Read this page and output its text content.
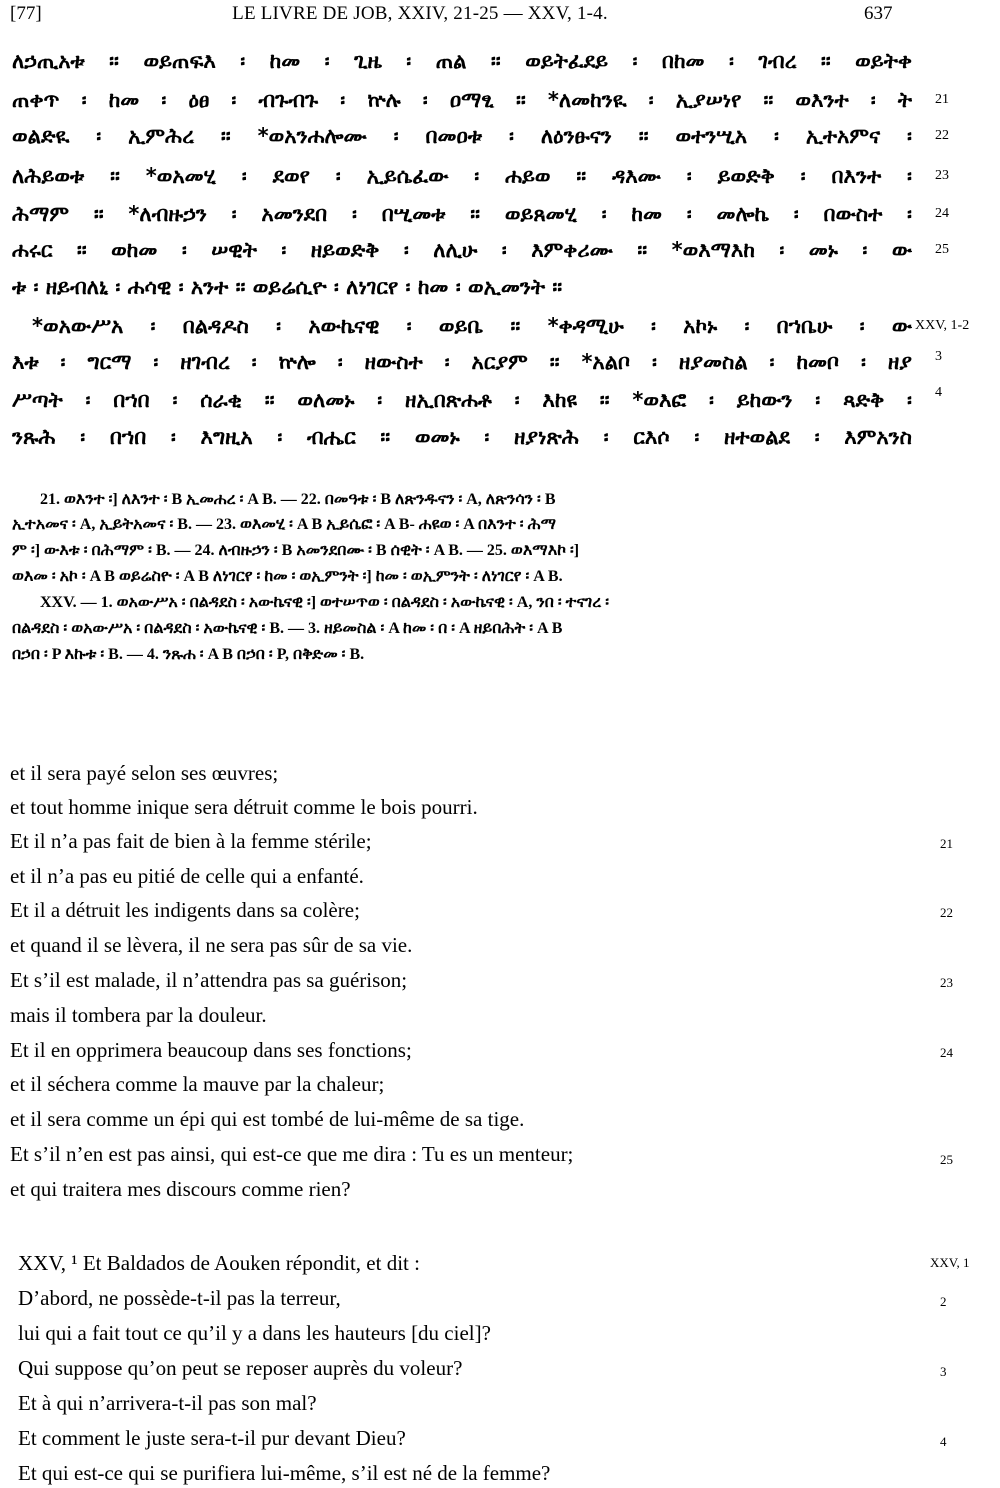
[77]	LE LIVRE DE JOB, XXIV, 21-25 — XXV, 1-4.	637
ለኃጢአቱ ። ወይጠፍእ ፡ ከመ ፡ ጊዜ ፡ ጠል ። ወይትፈደይ ፡ በከመ ፡ ገብረ ። ወይትቀ
ጠቀጥ ፡ ከመ ፡ ዕፀ ፡ ብጉብጉ ፡ ኵሉ ፡ ዐማፂ ። *ለመከንዪ ፡ ኢያሠነየ ። ወእንተ ፡ ት 21
ወልድዪ ፡ ኢምሕረ ። *ወአንሐሎሙ ፡ በመዐቱ ፡ ለዕንፁናን ። ወተንሢአ ፡ ኢተአምና ፡ 22
ለሕይወቱ ። *ወአመሂ ፡ ደወየ ፡ ኢይሴፈው ፡ ሐይወ ። ዳእሙ ፡ ይወድቅ ፡ በእንተ ፡ 23
ሕማም ። *ለብዙኃን ፡ አመንደበ ፡ በሢመቱ ። ወይጸመሂ ፡ ከመ ፡ መሎኬ ፡ በውስተ ፡ 24
ሐሩር ። ወከመ ፡ ሠዊት ፡ ዘይወድቅ ፡ ለሊሁ ፡ እምቀሪሙ ። *ወእማእከ ፡ መኑ ፡ ው 25
ቱ ፡ ዘይብለኒ ፡ ሐሳዊ ፡ አንተ ። ወይሬሲዮ ፡ ለነገርየ ፡ ከመ ፡ ወኢመንት ።
*ወአውሥአ ፡ በልዳዶስ ፡ አውኬናዊ ፡ ወይቤ ። *ቀዳሚሁ ፡ አኮኑ ፡ በኀቤሁ ፡ ው XXV, 1-2
እቱ ፡ ግርማ ፡ ዘገብረ ፡ ኵሎ ፡ ዘውስተ ፡ አርያም ። *አልቦ ፡ ዘያመስል ፡ ከመቦ ፡ ዘያ 3
ሥጣት ፡ በኀበ ፡ ሰራቂ ። ወለመኑ ፡ ዘኢበጽሐቶ ፡ እከዩ ። *ወእፎ ፡ ይከውን ፡ ጻድቅ ፡ 4
ንጹሕ ፡ በኀበ ፡ እግዚአ ፡ ብሔር ። ወመኑ ፡ ዘያነጽሕ ፡ ርእሶ ፡ ዘተወልደ ፡ እምአንስ
21. ወእንተ ፡] ለእንተ ፡ B ኢመሐረ ፡ A B. — 22. በመዓቱ ፡ B ለጽንዱናን ፡ A, ለጽንሳን ፡ B
ኢተአመና ፡ A, ኢይትአመና ፡ B. — 23. ወእመሂ ፡ A B ኢይሴፎ ፡ A B- ሐዩወ ፡ A በእንተ ፡ ሕማ
ም ፡] ውእቱ ፡ በሕማም ፡ B. — 24. ለብዙኃን ፡ B አመንደበሙ ፡ B ሰዊት ፡ A B. — 25. ወእማእኮ ፡]
ወእመ ፡ አኮ ፡ A B ወይሬስዮ ፡ A B ለነገርየ ፡ ከመ ፡ ወኢምንት ፡] ከመ ፡ ወኢምንት ፡ ለነገርየ ፡ A B.
XXV. — 1. ወአውሥአ ፡ በልዳደስ ፡ አውኬናዊ ፡] ወተሠጥወ ፡ በልዳደስ ፡ አውኬናዊ ፡ A, ንበ ፡ ተናገረ ፡
በልዳደስ ፡ ወአውሥአ ፡ በልዳደስ ፡ አውኬናዊ ፡ B. — 3. ዘይመስል ፡ A ከመ ፡ በ ፡ A ዘይበሕት ፡ A B
በኃበ ፡ P እኩቱ ፡ B. — 4. ንጹሐ ፡ A B በኃበ ፡ P, በቅድመ ፡ B.
et il sera payé selon ses œuvres;
et tout homme inique sera détruit comme le bois pourri.
Et il n’a pas fait de bien à la femme stérile;	21
et il n’a pas eu pitié de celle qui a enfanté.
Et il a détruit les indigents dans sa colère;	22
et quand il se lèvera, il ne sera pas sûr de sa vie.
Et s’il est malade, il n’attendra pas sa guérison;	23
mais il tombera par la douleur.
Et il en opprimera beaucoup dans ses fonctions;	24
et il séchera comme la mauve par la chaleur;
et il sera comme un épi qui est tombé de lui-même de sa tige.
Et s’il n’en est pas ainsi, qui est-ce que me dira : Tu es un menteur;	25
et qui traitera mes discours comme rien?
XXV, ¹ Et Baldados de Aouken répondit, et dit :	XXV, 1
D’abord, ne possède-t-il pas la terreur,	2
lui qui a fait tout ce qu’il y a dans les hauteurs [du ciel]?
Qui suppose qu’on peut se reposer auprès du voleur?	3
Et à qui n’arrivera-t-il pas son mal?
Et comment le juste sera-t-il pur devant Dieu?	4
Et qui est-ce qui se purifiera lui-même, s’il est né de la femme?
